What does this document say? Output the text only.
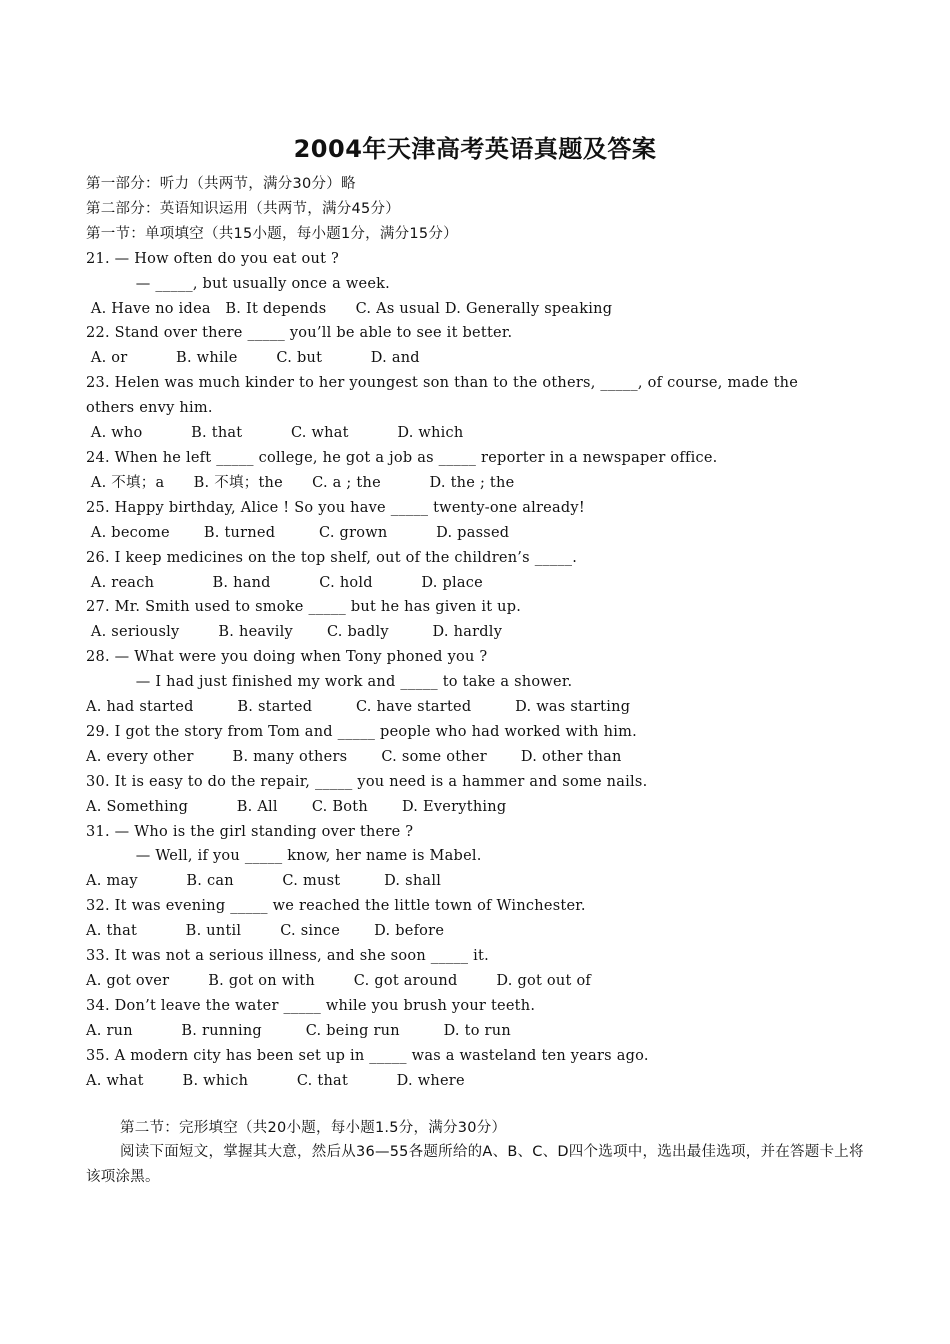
2004年天津高考英语真题及答案

第一部分：听力（共两节，满分30分）略

第二部分：英语知识运用（共两节，满分45分）

第一节：单项填空（共15小题，每小题1分，满分15分）

21. — How often do you eat out ?

— _____, but usually once a week.

A. Have no idea   B. It depends      C. As usual D. Generally speaking

22. Stand over there _____ you’ll be able to see it better.

A. or          B. while        C. but          D. and

23. Helen was much kinder to her youngest son than to the others, _____, of course, made the

others envy him.

A. who          B. that          C. what          D. which

24. When he left _____ college, he got a job as _____ reporter in a newspaper office.

A. 不填；a      B. 不填；the      C. a ; the          D. the ; the

25. Happy birthday, Alice ! So you have _____ twenty-one already!

A. become       B. turned         C. grown          D. passed

26. I keep medicines on the top shelf, out of the children’s _____.

A. reach            B. hand          C. hold          D. place

27. Mr. Smith used to smoke _____ but he has given it up.

A. seriously        B. heavily       C. badly         D. hardly

28. — What were you doing when Tony phoned you ?

— I had just finished my work and _____ to take a shower.

A. had started         B. started         C. have started         D. was starting

29. I got the story from Tom and _____ people who had worked with him.

A. every other        B. many others       C. some other       D. other than

30. It is easy to do the repair, _____ you need is a hammer and some nails.

A. Something          B. All       C. Both       D. Everything

31. — Who is the girl standing over there ?

— Well, if you _____ know, her name is Mabel.

A. may          B. can          C. must         D. shall

32. It was evening _____ we reached the little town of Winchester.

A. that          B. until        C. since       D. before

33. It was not a serious illness, and she soon _____ it.

A. got over        B. got on with        C. got around        D. got out of

34. Don’t leave the water _____ while you brush your teeth.

A. run          B. running         C. being run         D. to run

35. A modern city has been set up in _____ was a wasteland ten years ago.

A. what        B. which          C. that          D. where

第二节：完形填空（共20小题，每小题1.5分，满分30分）

阅读下面短文，掌握其大意，然后从36—55各题所给的A、B、C、D四个选项中，选出最佳选项，并在答题卡上将该项涂黑。
